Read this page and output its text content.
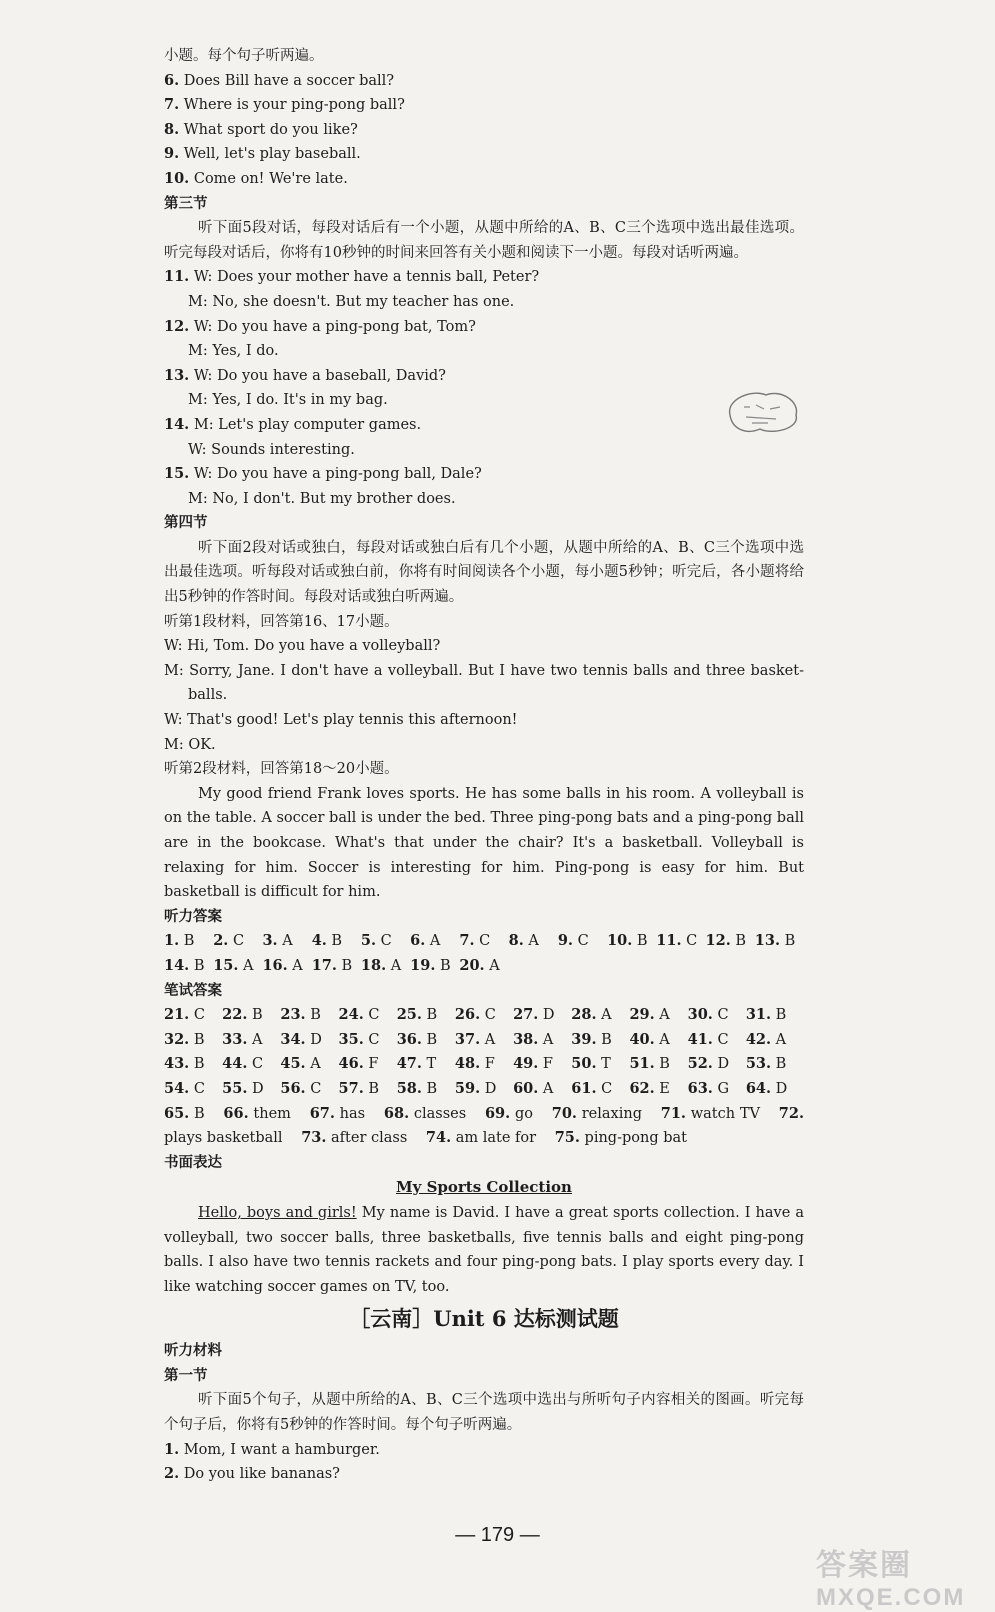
小题。每个句子听两遍。
6. Does Bill have a soccer ball?
7. Where is your ping-pong ball?
8. What sport do you like?
9. Well, let's play baseball.
10. Come on! We're late.
第三节
听下面5段对话，每段对话后有一个小题，从题中所给的A、B、C三个选项中选出最佳选项。听完每段对话后，你将有10秒钟的时间来回答有关小题和阅读下一小题。每段对话听两遍。
11. W: Does your mother have a tennis ball, Peter?
M: No, she doesn't. But my teacher has one.
12. W: Do you have a ping-pong bat, Tom?
M: Yes, I do.
13. W: Do you have a baseball, David?
M: Yes, I do. It's in my bag.
14. M: Let's play computer games.
W: Sounds interesting.
15. W: Do you have a ping-pong ball, Dale?
M: No, I don't. But my brother does.
第四节
听下面2段对话或独白，每段对话或独白后有几个小题，从题中所给的A、B、C三个选项中选出最佳选项。听每段对话或独白前，你将有时间阅读各个小题，每小题5秒钟；听完后，各小题将给出5秒钟的作答时间。每段对话或独白听两遍。
听第1段材料，回答第16、17小题。
W: Hi, Tom. Do you have a volleyball?
M: Sorry, Jane. I don't have a volleyball. But I have two tennis balls and three basket-balls.
W: That's good! Let's play tennis this afternoon!
M: OK.
听第2段材料，回答第18～20小题。
My good friend Frank loves sports. He has some balls in his room. A volleyball is on the table. A soccer ball is under the bed. Three ping-pong bats and a ping-pong ball are in the bookcase. What's that under the chair? It's a basketball. Volleyball is relaxing for him. Soccer is interesting for him. Ping-pong is easy for him. But basketball is difficult for him.
听力答案
1. B	2. C	3. A	4. B	5. C	6. A	7. C	8. A	9. C	10. B 11. C 12. B 13. B
14. B 15. A 16. A 17. B 18. A 19. B 20. A
笔试答案
21. C	22. B	23. B	24. C	25. B	26. C	27. D	28. A	29. A	30. C	31. B
32. B	33. A	34. D	35. C	36. B	37. A	38. A	39. B	40. A	41. C	42. A
43. B	44. C	45. A	46. F	47. T	48. F	49. F	50. T	51. B	52. D	53. B
54. C	55. D	56. C	57. B	58. B	59. D	60. A	61. C	62. E	63. G	64. D
65. B 66. them 67. has 68. classes 69. go 70. relaxing 71. watch TV 72. plays basketball 73. after class 74. am late for 75. ping-pong bat
书面表达
My Sports Collection
Hello, boys and girls! My name is David. I have a great sports collection. I have a volleyball, two soccer balls, three basketballs, five tennis balls and eight ping-pong balls. I also have two tennis rackets and four ping-pong bats. I play sports every day. I like watching soccer games on TV, too.
［云南］Unit 6 达标测试题
听力材料
第一节
听下面5个句子，从题中所给的A、B、C三个选项中选出与所听句子内容相关的图画。听完每个句子后，你将有5秒钟的作答时间。每个句子听两遍。
1. Mom, I want a hamburger.
2. Do you like bananas?
— 179 —
答案圈
MXQE.COM
